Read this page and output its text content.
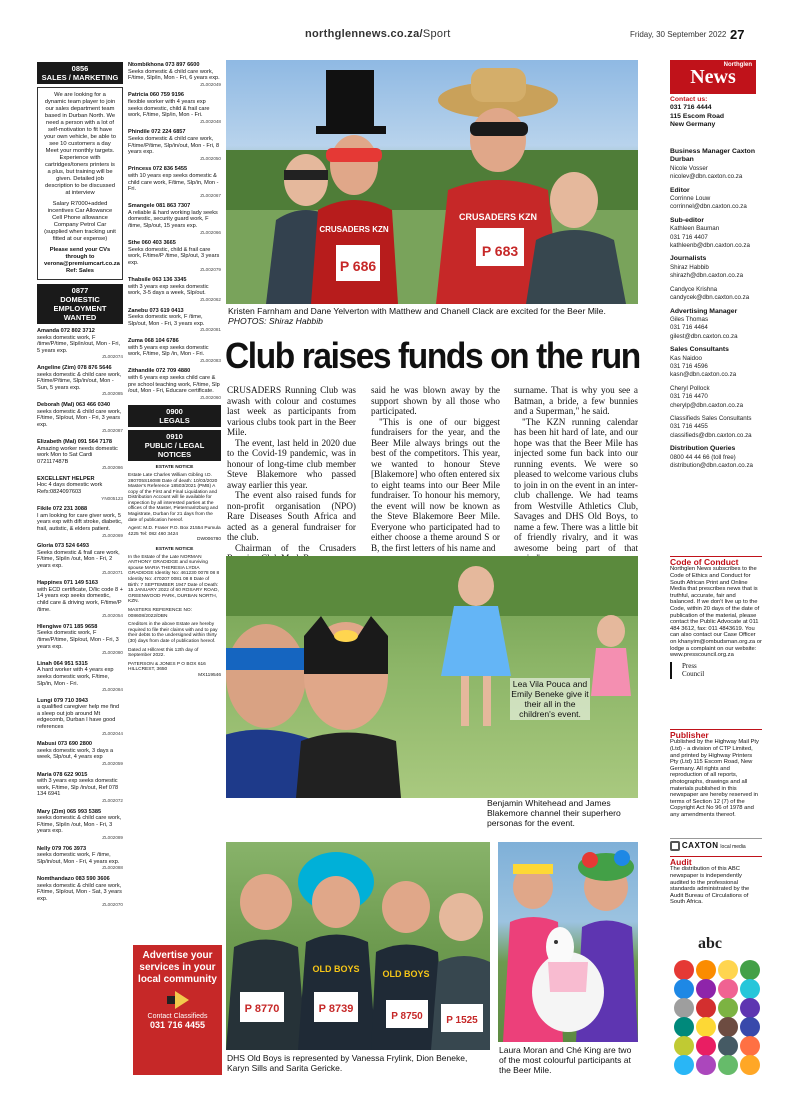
northglennews.co.za/Sport	Friday, 30 September 2022 27
0856
SALES / MARKETING

We are looking for a dynamic team player to join our sales department team based in Durban North. We need a person with a lot of self-motivation to fit have your own vehicle, be able to see 10 customers a day Meet your monthly targets. Experience with cartridges/toners printers is a plus, but training will be given. Detailed job description to be discussed at interview

Salary R7000+added incentives Car Allowance Cell Phone allowance Company Petrol Car (supplied when tracking unit fitted at our expense)

Please send your CVs through to verona@premiumcart.co.za

Ref: Sales

0877
DOMESTIC EMPLOYMENT WANTED
Amanda 072 802 3712
seeks domestic work, F /time/P/time, Slp/in/out, Mon - Fri, 5 years exp.
ZL002074
Angeline (Zim) 078 876 5646
seeks domestic & child care work, F/time/P/time, Slp/in/out, Mon - Sun, 5 years exp.
ZL002085
Deborah (Mal) 063 466 0340
seeks domestic & child care work, F/time, Slp/out, Mon - Fri, 3 years exp.
ZL002087
Elizabeth (Mal) 091 564 7178
Amazing worker needs domestic work Mon to Sat Cardi 072117487B
ZL002086
EXCELLENT HELPER
Hoc 4 days domestic work Refs:0824097603
YN005123
Fikile 072 231 3088
I am looking for care giver work, 5 years exp with dift stroke, diabetic, frail, autistic, & elders patient.
ZL002069
Gloria 073 524 6493
Seeks domestic & frail care work, F/time, Slp/in /out, Mon - Fri, 2 years exp.
ZL002071
Happines 071 149 5163
with ECD certificate, D/lic code 8 + 14 years exp seeks domestic, child care & driving work, F/time/P /time.
ZL002054
Hlengiwe 071 185 9658
Seeks domestic work, F /time/P/time, Slp/out, Mon - Fri, 3 years exp.
ZL002080
Linah 064 951 5315
A hard worker with 4 years exp seeks domestic work, F/time, Slp/in, Mon - Fri.
ZL002084
Lungi 079 710 3943
a qualified caregiver help me find a sleep out job around Mt edgecomb, Durban I have good references
ZL002044
Mabusi 073 690 2800
seeks domestic work, 3 days a week, Slp/out, 4 years exp
ZL002059
Maria 078 622 9015
with 3 years exp seeks domestic work, F/time, Slp /in/out, Ref 078 134 6941
ZL002072
Mary (Zim) 065 993 5385
seeks domestic & child care work, F/time, Slp/in /out, Mon - Fri, 3 years exp.
ZL002089
Nelly 079 706 3973
seeks domestic work, F /time, Slp/in/out, Mon - Fri, 4 years exp.
ZL002088
Nomthandazo 083 590 3606
seeks domestic & child care work, F/time, Slp/out, Mon - Sat, 3 years exp.
ZL002070
Ntombikhona 073 897 6600
Seeks domestic & child care work, F/time, Slp/in, Mon - Fri, 6 years exp.
ZL002049
Patricia 060 759 9196
flexible worker with 4 years exp seeks domestic, child & frail care work, F/time, Slp/in, Mon - Fri.
ZL002048
Phindile 072 224 6857
Seeks domestic & child care work, F/time/P/time, Slp/in/out, Mon - Fri, 8 years exp.
ZL002050
Princess 072 836 5455
with 10 years exp seeks domestic & child care work, F/time, Slp/in, Mon - Fri.
ZL002067
Smangele 081 863 7307
A reliable & hard working lady seeks domestic, security guard work, F /time, Slp/out, 15 years exp.
ZL002066
Sthe 060 403 3665
Seeks domestic, child & frail care work, F/time/P /time, Slp/out, 3 years exp.
ZL002079
Thabsile 063 136 3345
with 3 years exp seeks domestic work, 3-5 days a week, Slp/out.
ZL002062
Zanebu 073 619 0413
Seeks domestic work, F /time, Slp/out, Mon - Fri, 3 years exp.
ZL002081
Zuma 068 104 6786
with 5 years exp seeks domestic work, F/time, Slp /in, Mon - Fri.
ZL002083
Zithandile 072 709 4880
with 6 years exp seeks child care & pre school teaching work, F/time, Slp /out, Mon - Fri, Educare certificate.
ZL002060
0900
LEGALS
0910
PUBLIC / LEGAL NOTICES
ESTATE NOTICE

Estate Late Charles William Gibling I.D. 280705S16088 Date of death: 10/03/2020 Master's Reference 18503/2021 (PMB) A copy of the First and Final Liquidation and Distribution Account will lie available for inspection by all interested parties at the offices of the Master, Pietermaritzburg and Magistrate, Durban for 21 days from the date of publication hereof.

Agent: M.D. Fraser P.O. Box 21554 Pumula 4225 Tel: 082 460 3424

DW006780
ESTATE NOTICE

In the Estate of the Late NORMAN ANTHONY GRADIDGE and surviving spouse MARIA THERESIA LYDIA GRADIDGE Identity No: 461230 0078 08 8 Identity No: 470207 0081 08 8 Date of Birth: 7 SEPTEMBER 1947 Date of Death: 15 JANUARY 2022 of 60 ROSARY ROAD, GREENWOOD PARK, DURBAN NORTH, KZN.

MASTERS REFERENCE NO: 008608/2022/DBN

Creditors in the above Estate are hereby required to file their claims with and to pay their debts to the undersigned within thirty (30) days from date of publication hereof.

Dated at Hillcrest this 12th day of September 2022.

PATERSON & JONES P O BOX 616 HILLCREST, 3650

MX119546
Advertise your services in your local community
Contact Classifieds
031 716 4455
P 686
CRUSADERS KZN
P 683
CRUSADERS KZN
Kristen Farnham and Dane Yelverton with Matthew and Chanell Clack are excited for the Beer Mile.
PHOTOS: Shiraz Habbib
Club raises funds on the run

CRUSADERS Running Club was awash with colour and costumes last week as participants from various clubs took part in the Beer Mile.

The event, last held in 2020 due to the Covid-19 pandemic, was in honour of long-time club member Steve Blakemore who passed away earlier this year.

The event also raised funds for non-profit organisation (NPO) Rare Diseases South Africa and acted as a general fundraiser for the club.

Chairman of the Crusaders

said he was blown away by the support shown by all those who participated.

"This is one of our biggest fundraisers for the year, and the Beer Mile always brings out the best of the competitors. This year, we wanted to honour Steve [Blakemore] who often entered six to eight teams into our Beer Mile fundraiser. To honour his memory, the event will now be known as the Steve Blakemore Beer Mile. Everyone who participated had to either choose a theme around S or B, the first letters of his name and

surname. That is why you see a Batman, a bride, a few bunnies and a Superman," he said.

"The KZN running calendar has been hit hard of late, and our hope was that the Beer Mile has injected some fun back into our running events. We were so pleased to welcome various clubs to join in on the event in an inter-club challenge. We had teams from Westville Athletics Club, Savages and DHS Old Boys, to name a few. There was a little bit of friendly rivalry, and it was awesome being part of that

Lea Vila Pouca and Emily Beneke give it their all in the children's event.
Benjamin Whitehead and James Blakemore channel their superhero personas for the event.
P 8770
OLD BOYS
P 8739
OLD BOYS
P 8750 P 1525
DHS Old Boys is represented by Vanessa Frylink, Dion Beneke, Karyn Sills and Sarita Gericke.
Laura Moran and Ché King are two of the most colourful participants at the Beer Mile.
Northglen
News
Contact us:
031 716 4444
115 Escom Road
New Germany
Business Manager Caxton Durban
Nicole Vosser
nicolev@dbn.caxton.co.za
Editor
Corrinne Louw
corrinnel@dbn.caxton.co.za
Sub-editor
Kathleen Bauman
031 716 4407
kathleenb@dbn.caxton.co.za
Journalists
Shiraz Habbib
shirazh@dbn.caxton.co.za
Candyce Krishna
candycek@dbn.caxton.co.za
Advertising Manager
Giles Thomas
031 716 4464
gilest@dbn.caxton.co.za
Sales Consultants
Kas Naidoo
031 716 4596
kasn@dbn.caxton.co.za
Cheryl Pollock
031 716 4470
cherylp@dbn.caxton.co.za
Classifieds Sales Consultants
031 716 4455
classifieds@dbn.caxton.co.za
Distribution Queries
0800 44 44 66 (toll free)
distribution@dbn.caxton.co.za
Code of Conduct
Northglen News subscribes to the Code of Ethics and Conduct for South African Print and Online Media that prescribes news that is truthful, accurate, fair and balanced. If we don't live up to the Code, within 20 days of the date of publication of the material, please contact the Public Advocate at 011 484 3612, fax: 011 4843619. You can also contact our Case Officer on khanyim@ombudsman.org.za or lodge a complaint on our website: www.presscouncil.org.za
Press
Council
Publisher
Published by the Highway Mail Pty (Ltd) - a division of CTP Limited, and printed by Highway Printers Pty (Ltd) 115 Escom Road, New Germany. All rights and reproduction of all reports, photographs, drawings and all materials published in this newspaper are hereby reserved in terms of Section 12 (7) of the Copyright Act No 96 of 1978 and any amendments thereof.
CAXTON local media
Audit
The distribution of this ABC newspaper is independently audited to the professional standards administrated by the Audit Bureau of Circulations of South Africa.
abc
